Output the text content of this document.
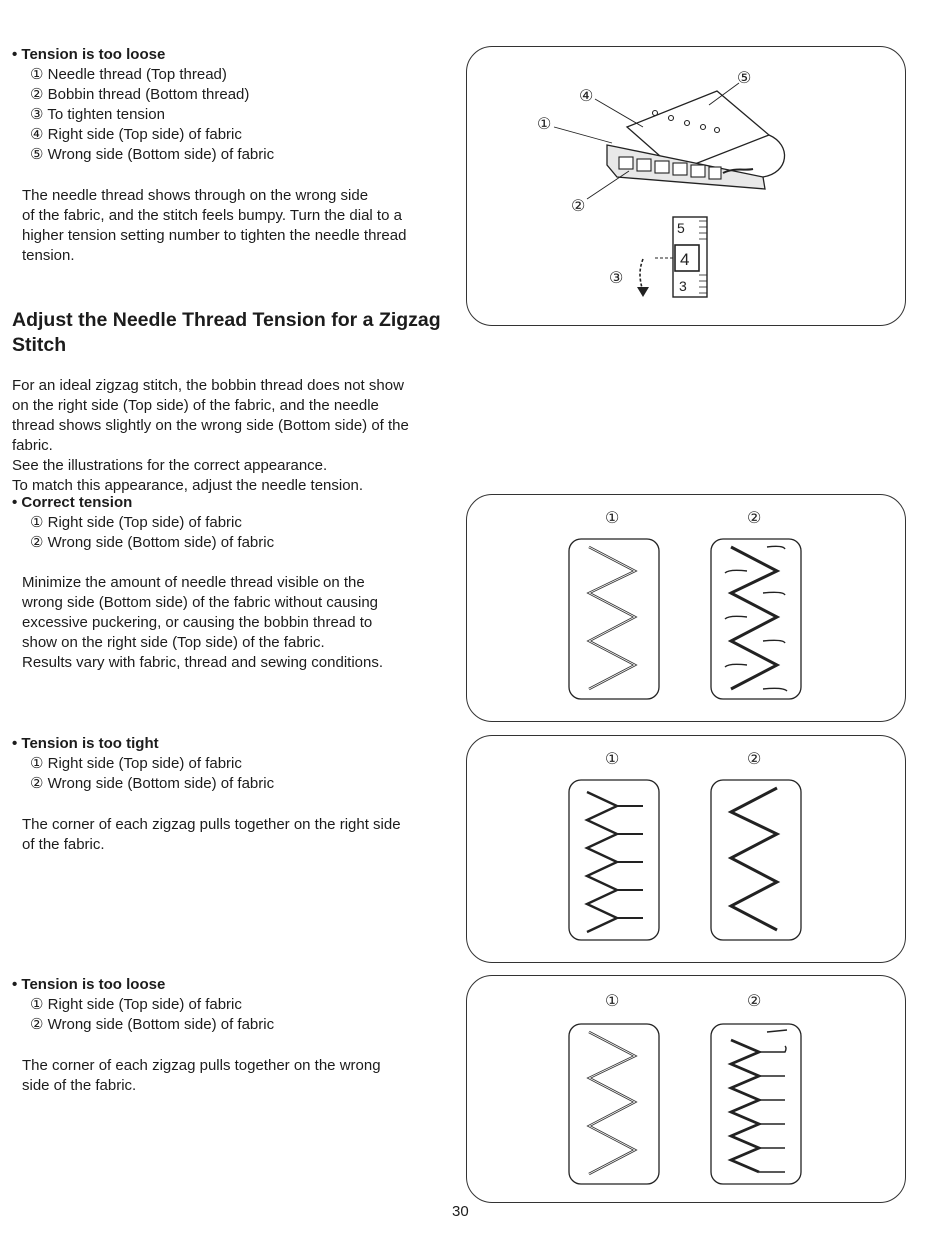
• Tension is too loose
① Needle thread (Top thread)
② Bobbin thread (Bottom thread)
③ To tighten tension
④ Right side (Top side) of fabric
⑤ Wrong side (Bottom side) of fabric
The needle thread shows through on the wrong side
of the fabric, and the stitch feels bumpy. Turn the dial to a
higher tension setting number to tighten the needle thread
tension.
Adjust the Needle Thread Tension for a Zigzag
Stitch
For an ideal zigzag stitch, the bobbin thread does not show
on the right side (Top side) of the fabric, and the needle
thread shows slightly on the wrong side (Bottom side) of the
fabric.
See the illustrations for the correct appearance.
To match this appearance, adjust the needle tension.
• Correct tension
① Right side (Top side) of fabric
② Wrong side (Bottom side) of fabric
Minimize the amount of needle thread visible on the
wrong side (Bottom side) of the fabric without causing
excessive puckering, or causing the bobbin thread to
show on the right side (Top side) of the fabric.
Results vary with fabric, thread and sewing conditions.
• Tension is too tight
① Right side (Top side) of fabric
② Wrong side (Bottom side) of fabric
The corner of each zigzag pulls together on the right side
of the fabric.
• Tension is too loose
① Right side (Top side) of fabric
② Wrong side (Bottom side) of fabric
The corner of each zigzag pulls together on the wrong
side of the fabric.
①
④
⑤
②
③
5
4
3
①	②
①	②
①	②
30
